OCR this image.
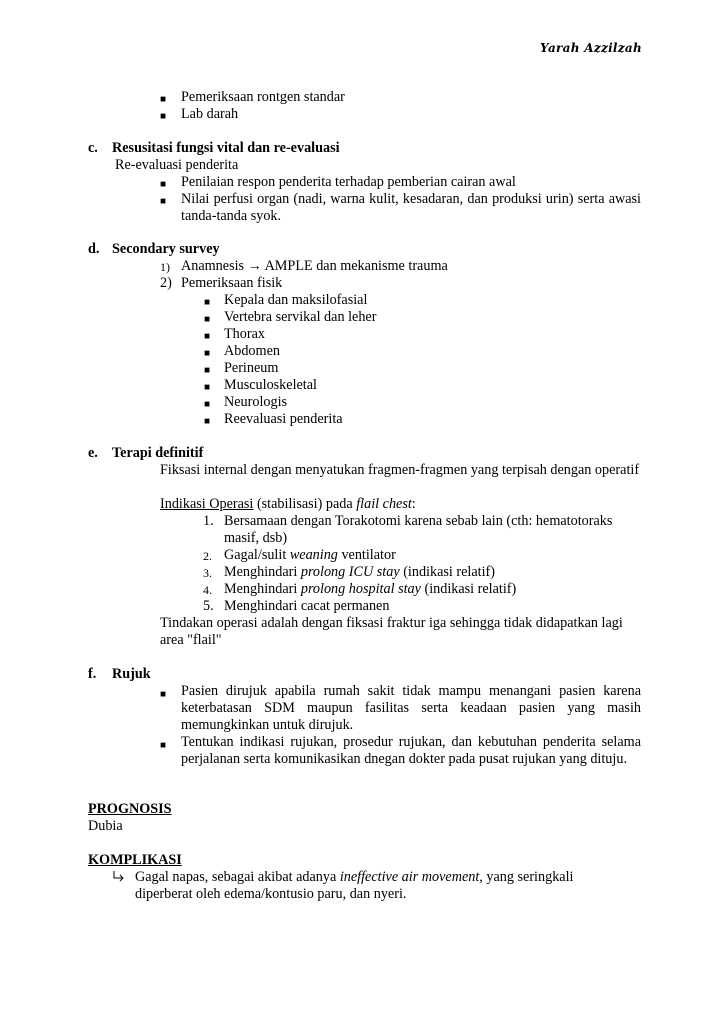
Yarah Azzilzah
■ Pemeriksaan rontgen standar
■ Lab darah
c. Resusitasi fungsi vital dan re-evaluasi
Re-evaluasi penderita
■ Penilaian respon penderita terhadap pemberian cairan awal
■ Nilai perfusi organ (nadi, warna kulit, kesadaran, dan produksi urin) serta awasi tanda-tanda syok.
d. Secondary survey
1) Anamnesis → AMPLE dan mekanisme trauma
2) Pemeriksaan fisik
■ Kepala dan maksilofasial
■ Vertebra servikal dan leher
■ Thorax
■ Abdomen
■ Perineum
■ Musculoskeletal
■ Neurologis
■ Reevaluasi penderita
e. Terapi definitif
Fiksasi internal dengan menyatukan fragmen-fragmen yang terpisah dengan operatif
Indikasi Operasi (stabilisasi) pada flail chest:
1. Bersamaan dengan Torakotomi karena sebab lain (cth: hematotoraks
masif, dsb)
2. Gagal/sulit weaning ventilator
3. Menghindari prolong ICU stay (indikasi relatif)
4. Menghindari prolong hospital stay (indikasi relatif)
5. Menghindari cacat permanen
Tindakan operasi adalah dengan fiksasi fraktur iga sehingga tidak didapatkan lagi
area "flail"
f. Rujuk
■ Pasien dirujuk apabila rumah sakit tidak mampu menangani pasien karena keterbatasan SDM maupun fasilitas serta keadaan pasien yang masih memungkinkan untuk dirujuk.
■ Tentukan indikasi rujukan, prosedur rujukan, dan kebutuhan penderita selama perjalanan serta komunikasikan dnegan dokter pada pusat rujukan yang dituju.
PROGNOSIS
Dubia
KOMPLIKASI
Gagal napas, sebagai akibat adanya ineffective air movement, yang seringkali
diperberat oleh edema/kontusio paru, dan nyeri.
